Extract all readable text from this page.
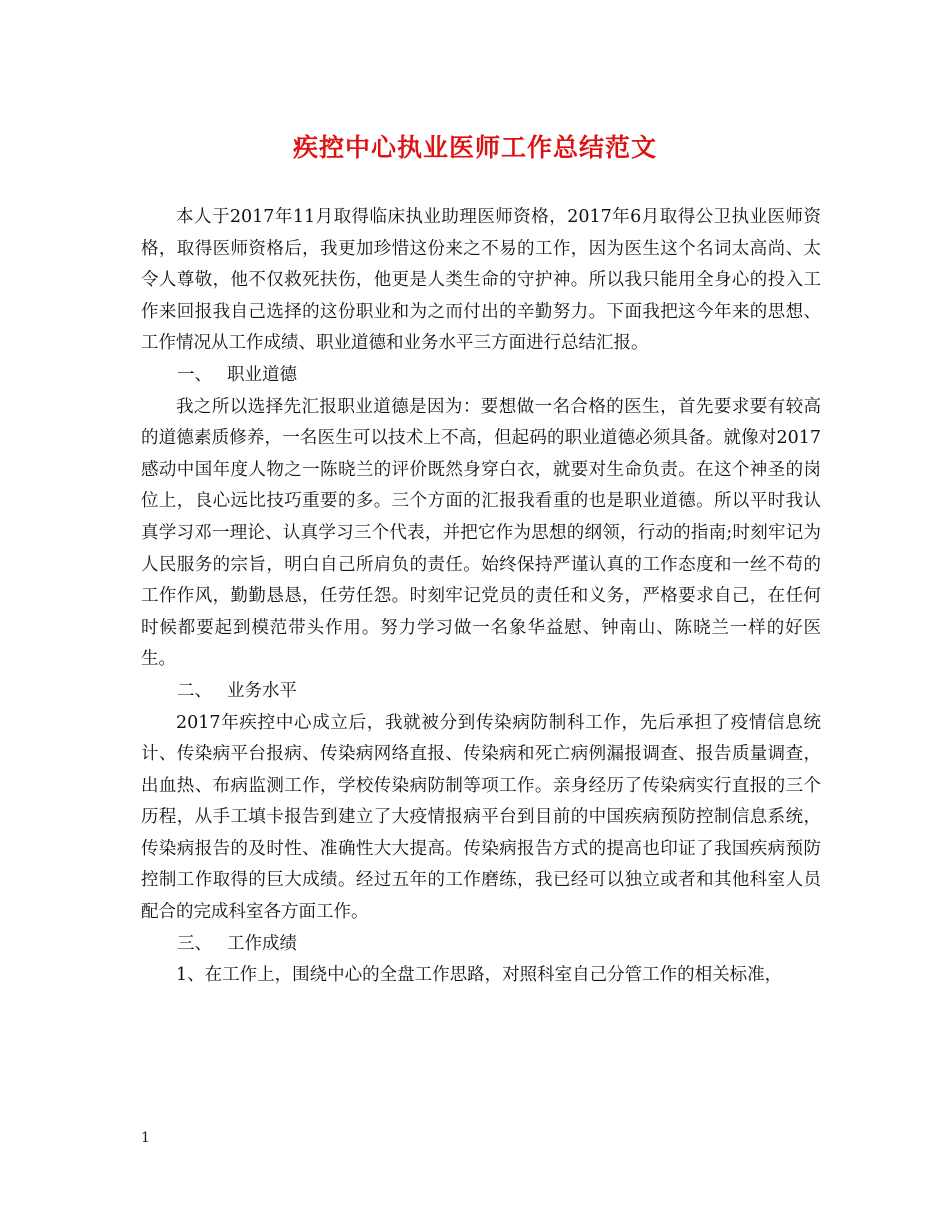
疾控中心执业医师工作总结范文

本人于2017年11月取得临床执业助理医师资格，2017年6月取得公卫执业医师资格，取得医师资格后，我更加珍惜这份来之不易的工作，因为医生这个名词太高尚、太令人尊敬，他不仅救死扶伤，他更是人类生命的守护神。所以我只能用全身心的投入工作来回报我自己选择的这份职业和为之而付出的辛勤努力。下面我把这今年来的思想、工作情况从工作成绩、职业道德和业务水平三方面进行总结汇报。

一、 职业道德

我之所以选择先汇报职业道德是因为：要想做一名合格的医生，首先要求要有较高的道德素质修养，一名医生可以技术上不高，但起码的职业道德必须具备。就像对2017感动中国年度人物之一陈晓兰的评价既然身穿白衣，就要对生命负责。在这个神圣的岗位上，良心远比技巧重要的多。三个方面的汇报我看重的也是职业道德。所以平时我认真学习邓一理论、认真学习三个代表，并把它作为思想的纲领，行动的指南;时刻牢记为人民服务的宗旨，明白自己所肩负的责任。始终保持严谨认真的工作态度和一丝不苟的工作作风，勤勤恳恳，任劳任怨。时刻牢记党员的责任和义务，严格要求自己，在任何时候都要起到模范带头作用。努力学习做一名象华益慰、钟南山、陈晓兰一样的好医生。

二、 业务水平

2017年疾控中心成立后，我就被分到传染病防制科工作，先后承担了疫情信息统计、传染病平台报病、传染病网络直报、传染病和死亡病例漏报调查、报告质量调查，出血热、布病监测工作，学校传染病防制等项工作。亲身经历了传染病实行直报的三个历程，从手工填卡报告到建立了大疫情报病平台到目前的中国疾病预防控制信息系统，传染病报告的及时性、准确性大大提高。传染病报告方式的提高也印证了我国疾病预防控制工作取得的巨大成绩。经过五年的工作磨练，我已经可以独立或者和其他科室人员配合的完成科室各方面工作。

三、 工作成绩

1、在工作上，围绕中心的全盘工作思路，对照科室自己分管工作的相关标准，

1
